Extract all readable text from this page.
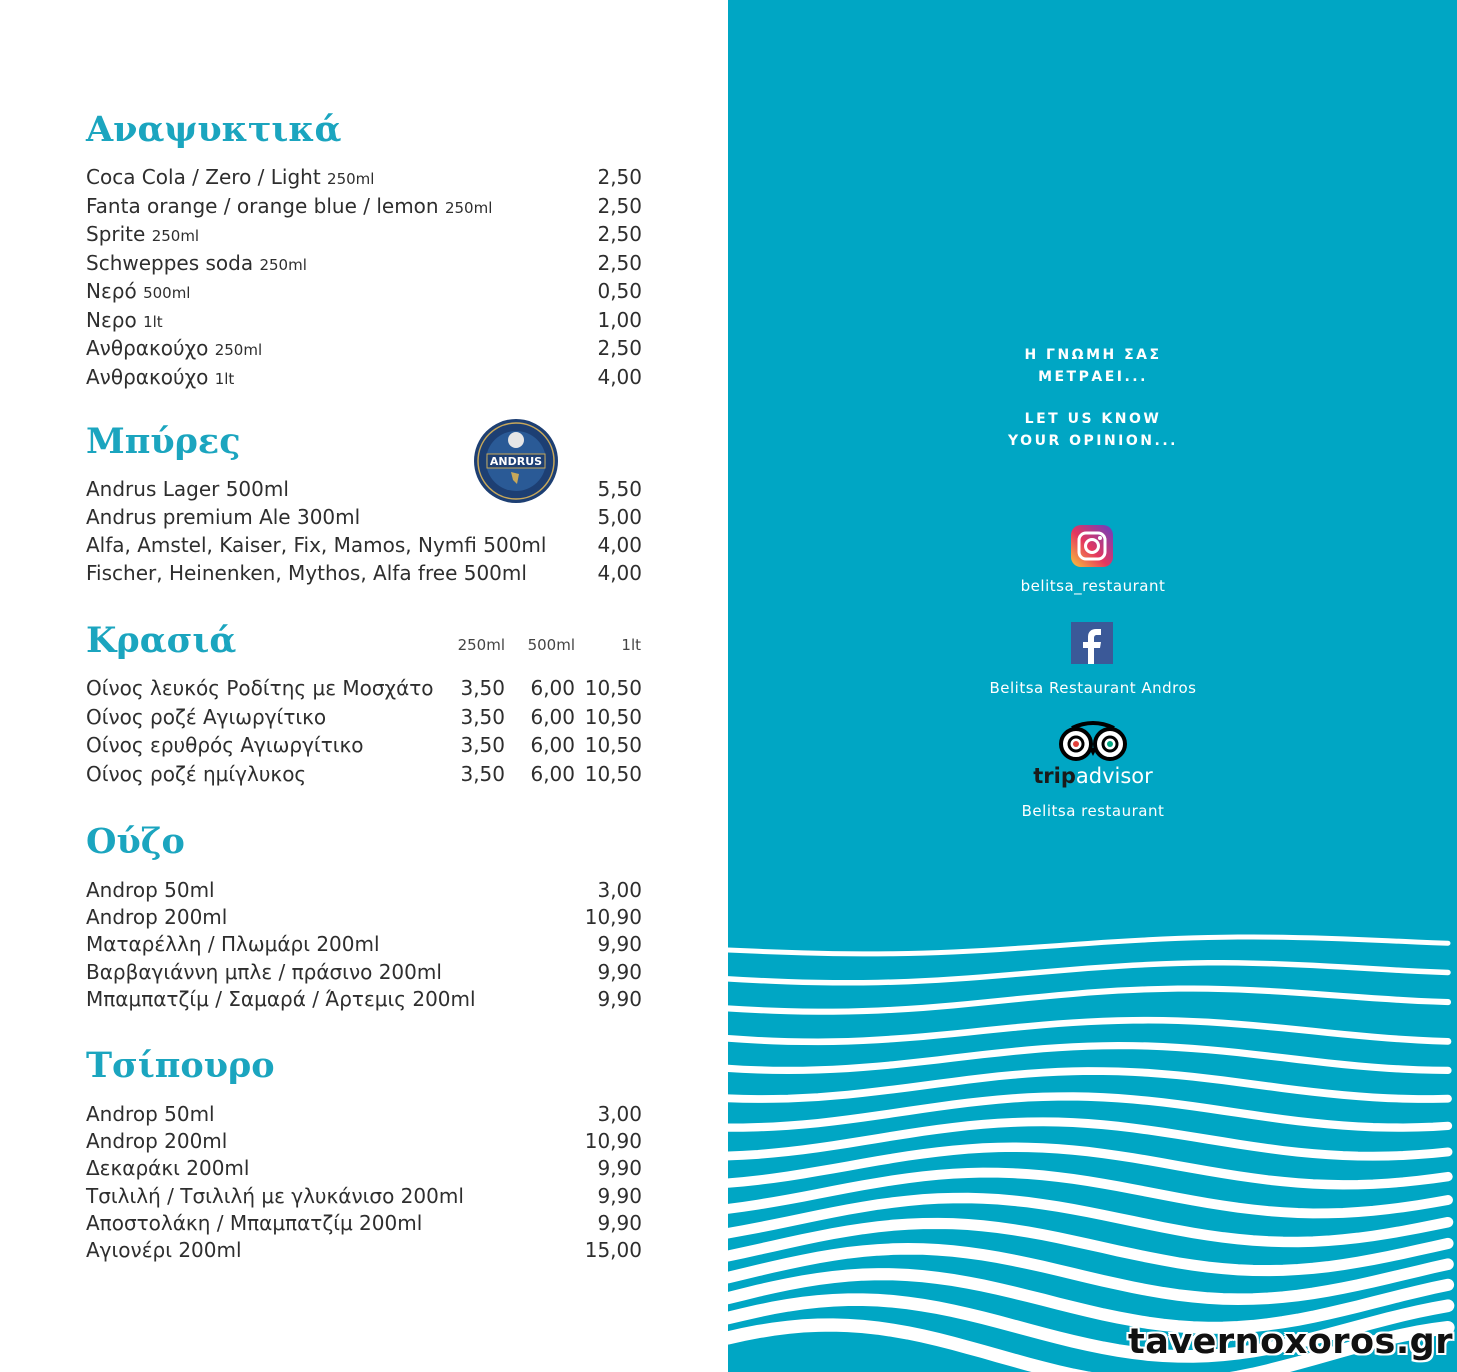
Αναψυκτικά
Coca Cola / Zero / Light 250ml	2,50
Fanta orange / orange blue / lemon 250ml	2,50
Sprite 250ml	2,50
Schweppes soda 250ml	2,50
Νερό 500ml	0,50
Νερο 1lt	1,00
Ανθρακούχο 250ml	2,50
Ανθρακούχο 1lt	4,00
Μπύρες	ANDRUS
Andrus Lager 500ml	5,50
Andrus premium Ale 300ml	5,00
Alfa, Amstel, Kaiser, Fix, Mamos, Nymfi 500ml	4,00
Fischer, Heinenken, Mythos, Alfa free 500ml	4,00
Κρασιά	250ml	500ml	1lt
Οίνος λευκός Ροδίτης με Μοσχάτο	3,50	6,00 10,50
Οίνος ροζέ Αγιωργίτικο	3,50	6,00 10,50
Οίνος ερυθρός Αγιωργίτικο	3,50	6,00 10,50
Οίνος ροζέ ημίγλυκος	3,50	6,00 10,50
Ούζο
Androp 50ml	3,00
Androp 200ml	10,90
Ματαρέλλη / Πλωμάρι 200ml	9,90
Βαρβαγιάννη μπλε / πράσινο 200ml	9,90
Μπαμπατζίμ / Σαμαρά / Άρτεμις 200ml	9,90
Τσίπουρο
Androp 50ml	3,00
Androp 200ml	10,90
Δεκαράκι 200ml	9,90
Τσιλιλή / Τσιλιλή με γλυκάνισο 200ml	9,90
Αποστολάκη / Μπαμπατζίμ 200ml	9,90
Αγιονέρι 200ml	15,00
Η ΓΝΩΜΗ ΣΑΣ
ΜΕΤΡΑΕΙ...
LET US KNOW
YOUR OPINION...
belitsa_restaurant
Belitsa Restaurant Andros
tripadvisor
Belitsa restaurant
tavernoxoros.gr
